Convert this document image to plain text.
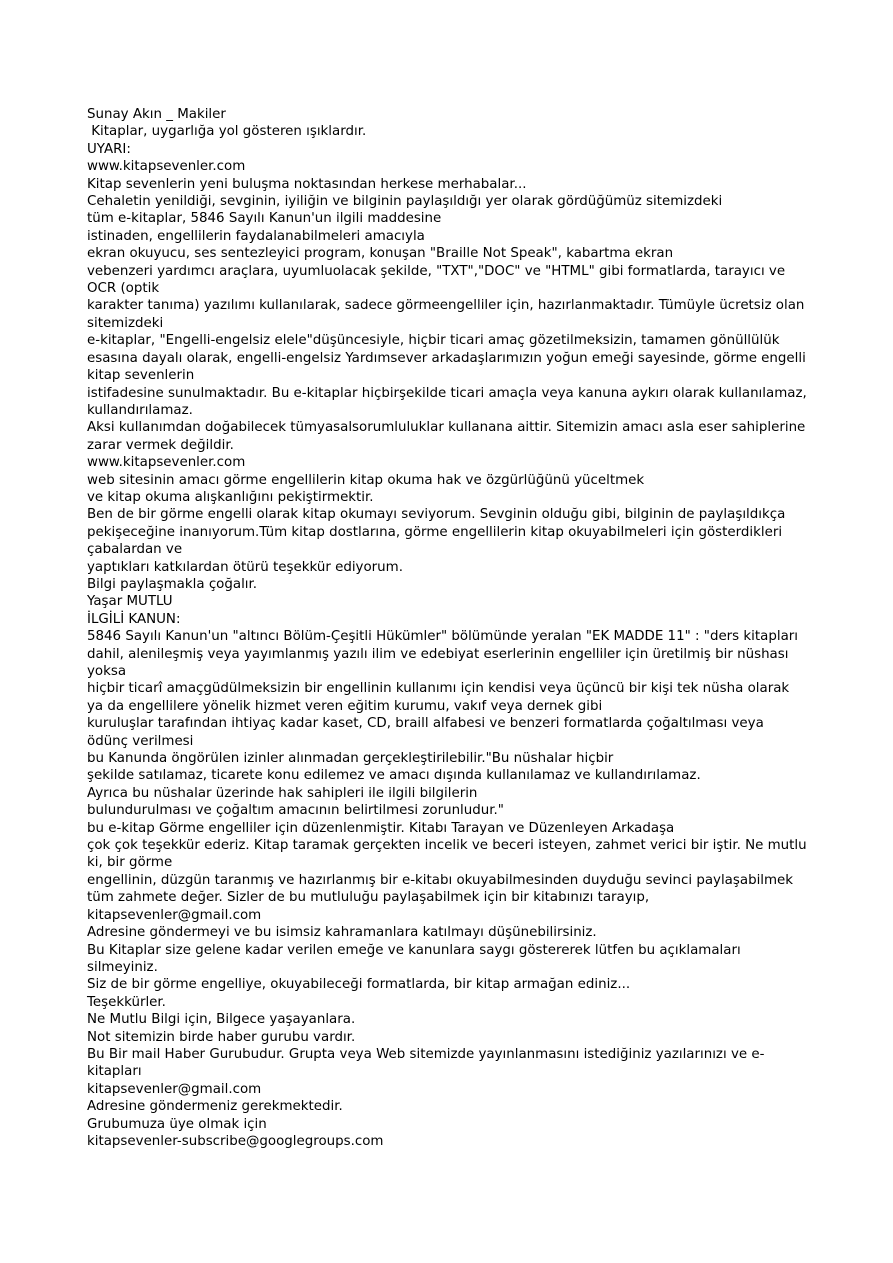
Sunay Akın _ Makiler
Kitaplar, uygarlığa yol gösteren ışıklardır.
UYARI:
www.kitapsevenler.com
Kitap sevenlerin yeni buluşma noktasından herkese merhabalar...
Cehaletin yenildiği, sevginin, iyiliğin ve bilginin paylaşıldığı yer olarak gördüğümüz sitemizdeki
tüm e-kitaplar, 5846 Sayılı Kanun'un ilgili maddesine
istinaden, engellilerin faydalanabilmeleri amacıyla
ekran okuyucu, ses sentezleyici program, konuşan "Braille Not Speak", kabartma ekran
vebenzeri yardımcı araçlara, uyumluolacak şekilde, "TXT","DOC" ve "HTML" gibi formatlarda, tarayıcı ve OCR (optik
karakter tanıma) yazılımı kullanılarak, sadece görmeengelliler için, hazırlanmaktadır. Tümüyle ücretsiz olan sitemizdeki
e-kitaplar, "Engelli-engelsiz elele"düşüncesiyle, hiçbir ticari amaç gözetilmeksizin, tamamen gönüllülük esasına dayalı olarak, engelli-engelsiz Yardımsever arkadaşlarımızın yoğun emeği sayesinde, görme engelli kitap sevenlerin
istifadesine sunulmaktadır. Bu e-kitaplar hiçbirşekilde ticari amaçla veya kanuna aykırı olarak kullanılamaz, kullandırılamaz.
Aksi kullanımdan doğabilecek tümyasalsorumluluklar kullanana aittir. Sitemizin amacı asla eser sahiplerine zarar vermek değildir.
www.kitapsevenler.com
web sitesinin amacı görme engellilerin kitap okuma hak ve özgürlüğünü yüceltmek
ve kitap okuma alışkanlığını pekiştirmektir.
Ben de bir görme engelli olarak kitap okumayı seviyorum. Sevginin olduğu gibi, bilginin de paylaşıldıkça pekişeceğine inanıyorum.Tüm kitap dostlarına, görme engellilerin kitap okuyabilmeleri için gösterdikleri çabalardan ve
yaptıkları katkılardan ötürü teşekkür ediyorum.
Bilgi paylaşmakla çoğalır.
Yaşar MUTLU
İLGİLİ KANUN:
5846 Sayılı Kanun'un "altıncı Bölüm-Çeşitli Hükümler" bölümünde yeralan "EK MADDE 11" : "ders kitapları dahil, alenileşmiş veya yayımlanmış yazılı ilim ve edebiyat eserlerinin engelliler için üretilmiş bir nüshası yoksa
hiçbir ticarî amaçgüdülmeksizin bir engellinin kullanımı için kendisi veya üçüncü bir kişi tek nüsha olarak ya da engellilere yönelik hizmet veren eğitim kurumu, vakıf veya dernek gibi
kuruluşlar tarafından ihtiyaç kadar kaset, CD, braill alfabesi ve benzeri formatlarda çoğaltılması veya ödünç verilmesi
bu Kanunda öngörülen izinler alınmadan gerçekleştirilebilir."Bu nüshalar hiçbir
şekilde satılamaz, ticarete konu edilemez ve amacı dışında kullanılamaz ve kullandırılamaz.
Ayrıca bu nüshalar üzerinde hak sahipleri ile ilgili bilgilerin
bulundurulması ve çoğaltım amacının belirtilmesi zorunludur."
bu e-kitap Görme engelliler için düzenlenmiştir. Kitabı Tarayan ve Düzenleyen Arkadaşa
çok çok teşekkür ederiz. Kitap taramak gerçekten incelik ve beceri isteyen, zahmet verici bir iştir. Ne mutlu ki, bir görme
engellinin, düzgün taranmış ve hazırlanmış bir e-kitabı okuyabilmesinden duyduğu sevinci paylaşabilmek tüm zahmete değer. Sizler de bu mutluluğu paylaşabilmek için bir kitabınızı tarayıp,
kitapsevenler@gmail.com
Adresine göndermeyi ve bu isimsiz kahramanlara katılmayı düşünebilirsiniz.
Bu Kitaplar size gelene kadar verilen emeğe ve kanunlara saygı göstererek lütfen bu açıklamaları silmeyiniz.
Siz de bir görme engelliye, okuyabileceği formatlarda, bir kitap armağan ediniz...
Teşekkürler.
Ne Mutlu Bilgi için, Bilgece yaşayanlara.
Not sitemizin birde haber gurubu vardır.
Bu Bir mail Haber Gurubudur. Grupta veya Web sitemizde yayınlanmasını istediğiniz yazılarınızı ve e-kitapları
kitapsevenler@gmail.com
Adresine göndermeniz gerekmektedir.
Grubumuza üye olmak için
kitapsevenler-subscribe@googlegroups.com
